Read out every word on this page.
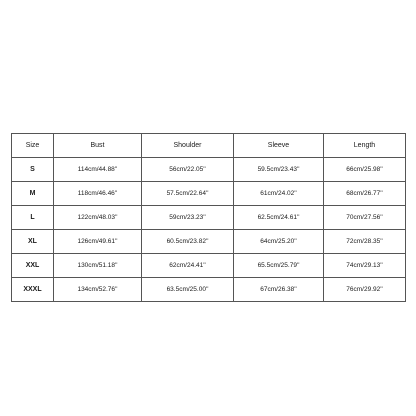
Size	Bust	Shoulder	Sleeve	Length
S	114cm/44.88''	56cm/22.05''	59.5cm/23.43''	66cm/25.98''
M	118cm/46.46''	57.5cm/22.64''	61cm/24.02''	68cm/26.77''
L	122cm/48.03''	59cm/23.23''	62.5cm/24.61''	70cm/27.56''
XL	126cm/49.61''	60.5cm/23.82''	64cm/25.20''	72cm/28.35''
XXL	130cm/51.18''	62cm/24.41''	65.5cm/25.79''	74cm/29.13''
XXXL	134cm/52.76''	63.5cm/25.00''	67cm/26.38''	76cm/29.92''
